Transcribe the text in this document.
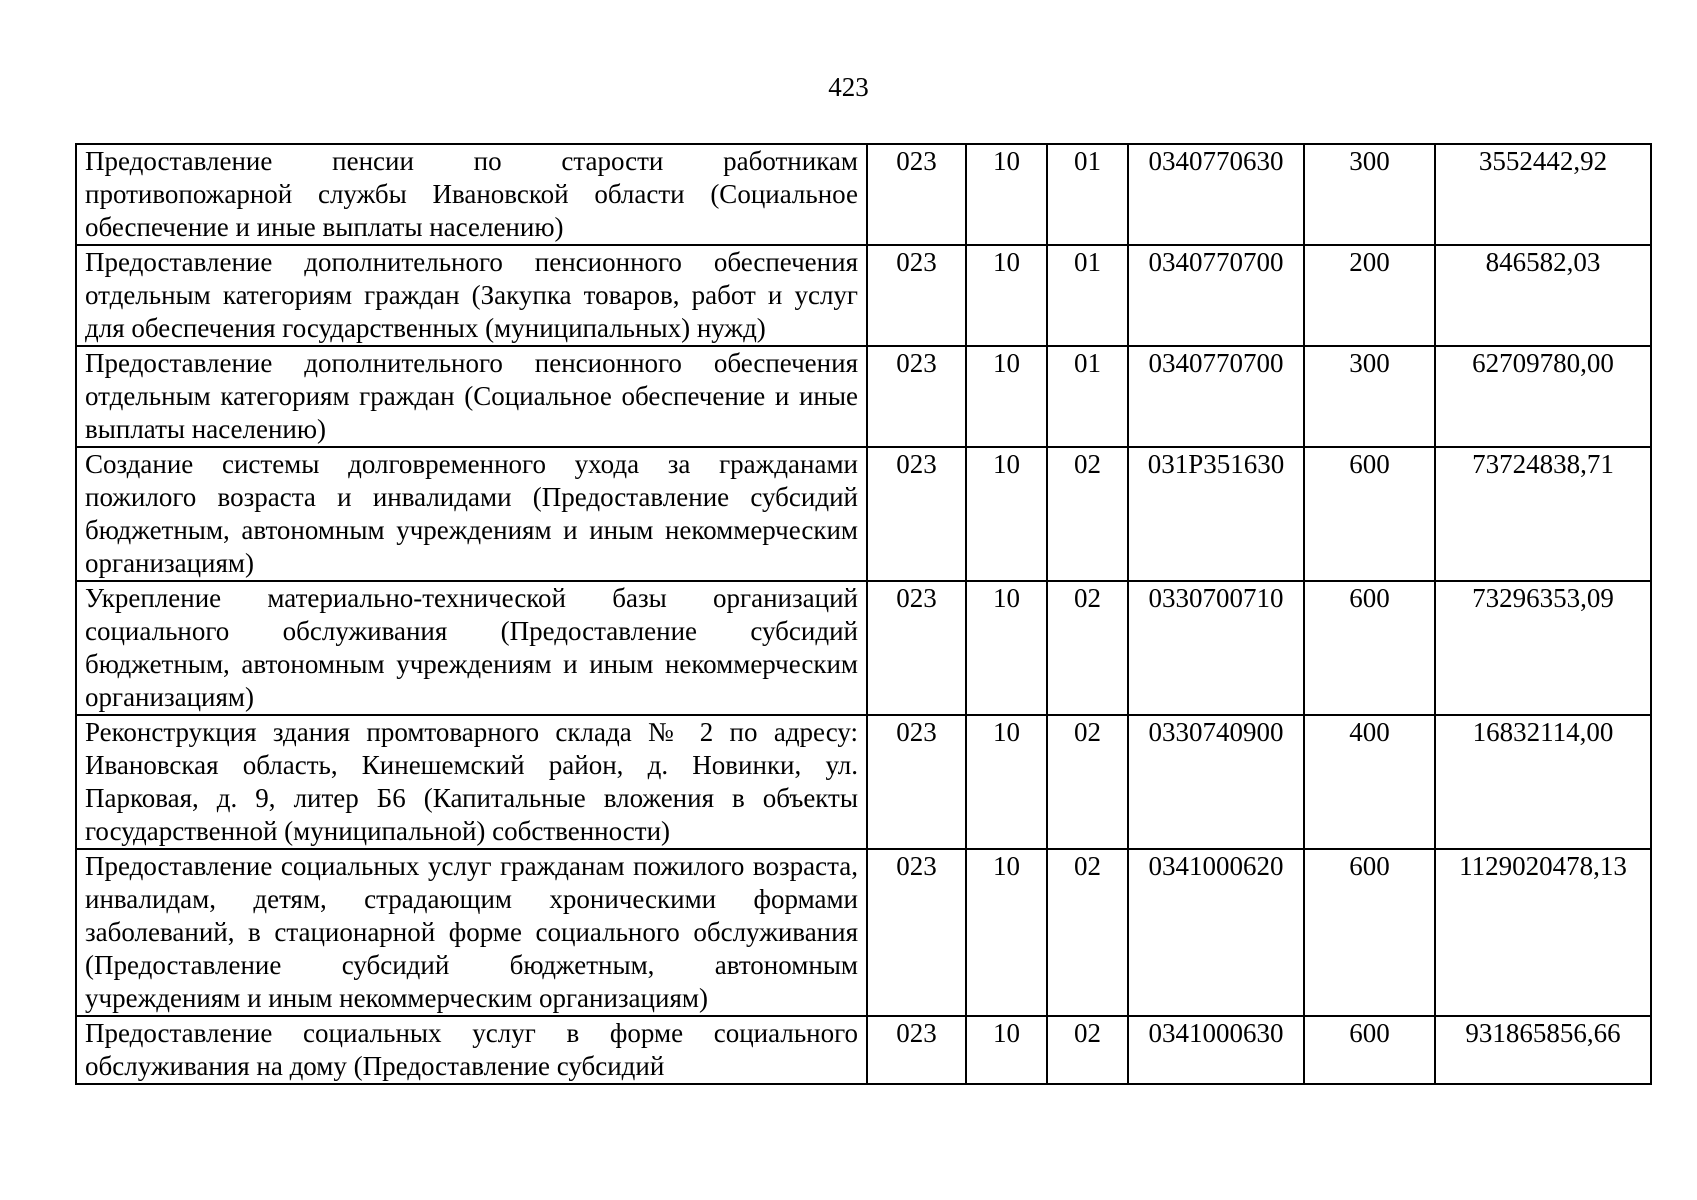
423
Предоставление пенсии по старости работникам противопожарной службы Ивановской области (Социальное обеспечение и иные выплаты населению)	023	10	01	0340770630	300	3552442,92
Предоставление дополнительного пенсионного обеспечения отдельным категориям граждан (Закупка товаров, работ и услуг для обеспечения государственных (муниципальных) нужд)	023	10	01	0340770700	200	846582,03
Предоставление дополнительного пенсионного обеспечения отдельным категориям граждан (Социальное обеспечение и иные выплаты населению)	023	10	01	0340770700	300	62709780,00
Создание системы долговременного ухода за гражданами пожилого возраста и инвалидами (Предоставление субсидий бюджетным, автономным учреждениям и иным некоммерческим организациям)	023	10	02	031P351630	600	73724838,71
Укрепление материально-технической базы организаций социального обслуживания (Предоставление субсидий бюджетным, автономным учреждениям и иным некоммерческим организациям)	023	10	02	0330700710	600	73296353,09
Реконструкция здания промтоварного склада № 2 по адресу: Ивановская область, Кинешемский район, д. Новинки, ул. Парковая, д. 9, литер Б6 (Капитальные вложения в объекты государственной (муниципальной) собственности)	023	10	02	0330740900	400	16832114,00
Предоставление социальных услуг гражданам пожилого возраста, инвалидам, детям, страдающим хроническими формами заболеваний, в стационарной форме социального обслуживания (Предоставление субсидий бюджетным, автономным учреждениям и иным некоммерческим организациям)	023	10	02	0341000620	600	1129020478,13
Предоставление социальных услуг в форме социального обслуживания на дому (Предоставление субсидий	023	10	02	0341000630	600	931865856,66
